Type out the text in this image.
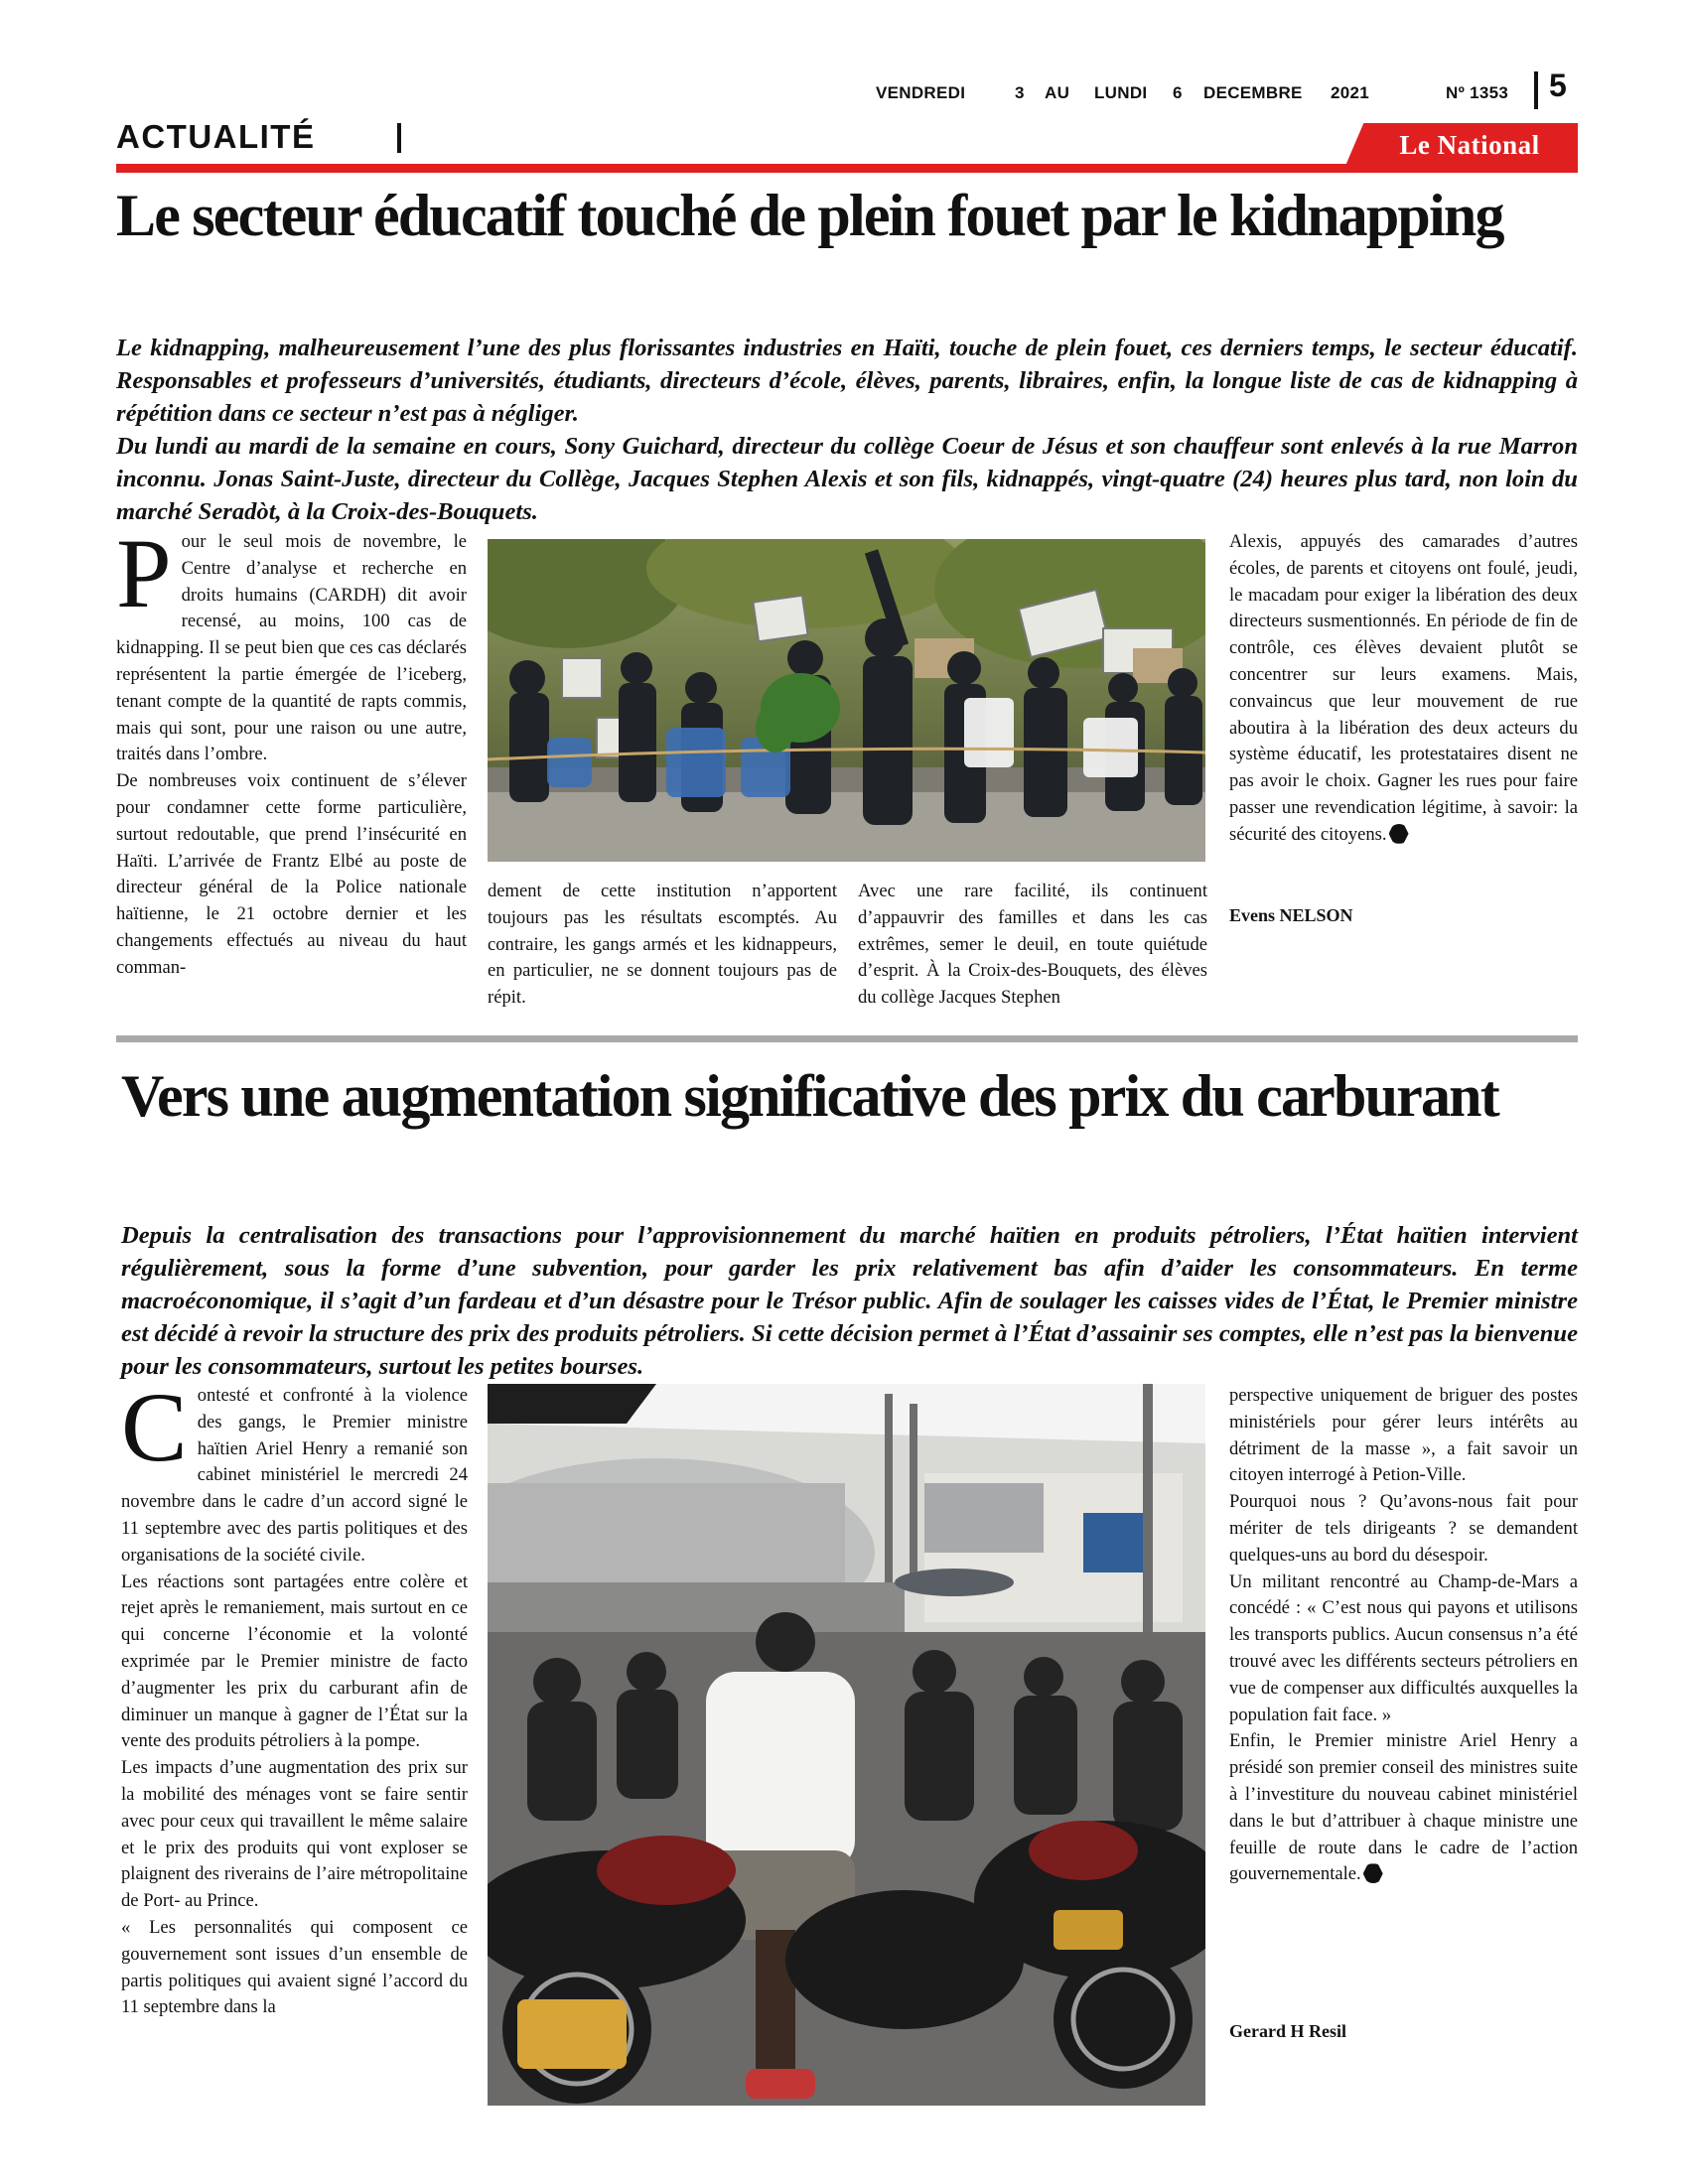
VENDREDI	3 AU LUNDI 6 DECEMBRE 2021	Nº 1353 5
ACTUALITÉ	Le National
Le secteur éducatif touché de plein fouet par le kidnapping

Le kidnapping, malheureusement l’une des plus florissantes industries en Haïti, touche de plein fouet, ces derniers temps, le secteur éducatif. Responsables et professeurs d’universités, étudiants, directeurs d’école, élèves, parents, libraires, enfin, la longue liste de cas de kidnapping à répétition dans ce secteur n’est pas à négliger.

Du lundi au mardi de la semaine en cours, Sony Guichard, directeur du collège Coeur de Jésus et son chauffeur sont enlevés à la rue Marron inconnu. Jonas Saint-Juste, directeur du Collège, Jacques Stephen Alexis et son fils, kidnappés, vingt-quatre (24) heures plus tard, non loin du marché Seradòt, à la Croix-des-Bouquets.

Pour le seul mois de novembre, le Centre d’analyse et recherche en droits humains (CARDH) dit avoir recensé, au moins, 100 cas de kidnapping. Il se peut bien que ces cas déclarés représentent la partie émergée de l’iceberg, tenant compte de la quantité de rapts commis, mais qui sont, pour une raison ou une autre, traités dans l’ombre.

De nombreuses voix continuent de s’élever pour condamner cette forme particulière, surtout redoutable, que prend l’insécurité en Haïti. L’arrivée de Frantz Elbé au poste de directeur général de la Police nationale haïtienne, le 21 octobre dernier et les changements effectués au niveau du haut comman-

dement de cette institution n’apportent toujours pas les résultats escomptés. Au contraire, les gangs armés et les kidnappeurs, en particulier, ne se donnent toujours pas de répit.

Avec une rare facilité, ils continuent d’appauvrir des familles et dans les cas extrêmes, semer le deuil, en toute quiétude d’esprit. À la Croix-des-Bouquets, des élèves du collège Jacques Stephen

Alexis, appuyés des camarades d’autres écoles, de parents et citoyens ont foulé, jeudi, le macadam pour exiger la libération des deux directeurs susmentionnés. En période de fin de contrôle, ces élèves devaient plutôt se concentrer sur leurs examens. Mais, convaincus que leur mouvement de rue aboutira à la libération des deux acteurs du système éducatif, les protestataires disent ne pas avoir le choix. Gagner les rues pour faire passer une revendication légitime, à savoir: la sécurité des citoyens.

Evens NELSON
Vers une augmentation significative des prix du carburant

Depuis la centralisation des transactions pour l’approvisionnement du marché haïtien en produits pétroliers, l’État haïtien intervient régulièrement, sous la forme d’une subvention, pour garder les prix relativement bas afin d’aider les consommateurs. En terme macroéconomique, il s’agit d’un fardeau et d’un désastre pour le Trésor public. Afin de soulager les caisses vides de l’État, le Premier ministre est décidé à revoir la structure des prix des produits pétroliers. Si cette décision permet à l’État d’assainir ses comptes, elle n’est pas la bienvenue pour les consommateurs, surtout les petites bourses.

Contesté et confronté à la violence des gangs, le Premier ministre haïtien Ariel Henry a remanié son cabinet ministériel le mercredi 24 novembre dans le cadre d’un accord signé le 11 septembre avec des partis politiques et des organisations de la société civile.

Les réactions sont partagées entre colère et rejet après le remaniement, mais surtout en ce qui concerne l’économie et la volonté exprimée par le Premier ministre de facto d’augmenter les prix du carburant afin de diminuer un manque à gagner de l’État sur la vente des produits pétroliers à la pompe.

Les impacts d’une augmentation des prix sur la mobilité des ménages vont se faire sentir avec pour ceux qui travaillent le même salaire et le prix des produits qui vont exploser se plaignent des riverains de l’aire métropolitaine de Port- au Prince.

« Les personnalités qui composent ce gouvernement sont issues d’un ensemble de partis politiques qui avaient signé l’accord du 11 septembre dans la

perspective uniquement de briguer des postes ministériels pour gérer leurs intérêts au détriment de la masse », a fait savoir un citoyen interrogé à Petion-Ville.

Pourquoi nous ? Qu’avons-nous fait pour mériter de tels dirigeants ? se demandent quelques-uns au bord du désespoir.

Un militant rencontré au Champ-de-Mars a concédé : « C’est nous qui payons et utilisons les transports publics. Aucun consensus n’a été trouvé avec les différents secteurs pétroliers en vue de compenser aux difficultés auxquelles la population fait face. »

Enfin, le Premier ministre Ariel Henry a présidé son premier conseil des ministres suite à l’investiture du nouveau cabinet ministériel dans le but d’attribuer à chaque ministre une feuille de route dans le cadre de l’action gouvernementale.

Gerard H Resil
